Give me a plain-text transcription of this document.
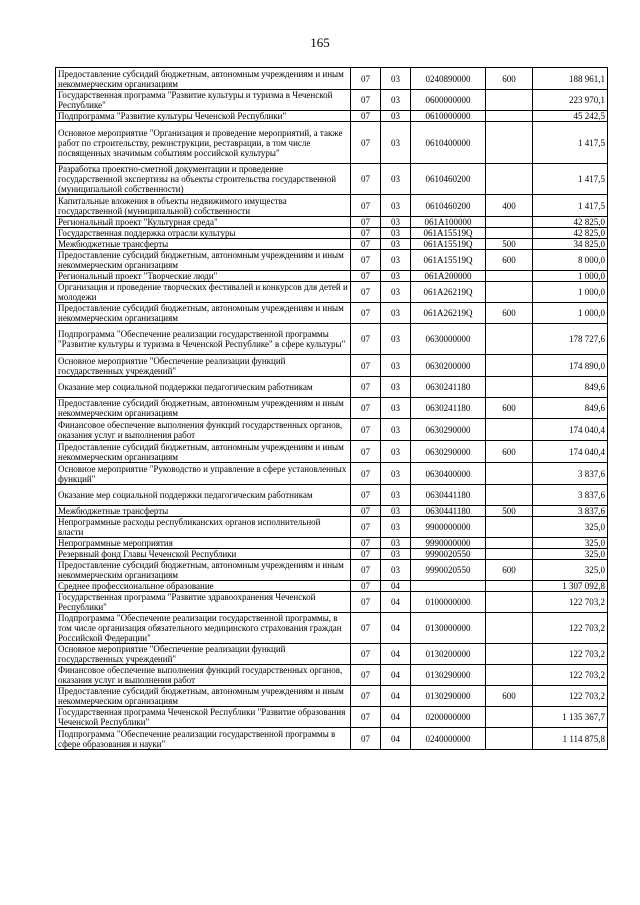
165
Предоставление субсидий бюджетным, автономным учреждениям и иным некоммерческим организациям	07	03	0240890000	600	188 961,1
Государственная программа "Развитие культуры и туризма в Чеченской Республике"	07	03	0600000000		223 970,1
Подпрограмма "Развитие культуры Чеченской Республики"	07	03	0610000000		45 242,5
Основное мероприятие "Организация и проведение мероприятий, а также работ по строительству, реконструкции, реставрации, в том числе посвященных значимым событиям российской культуры"	07	03	0610400000		1 417,5
Разработка проектно-сметной документации и проведение государственной экспертизы на объекты строительства государственной (муниципальной собственности)	07	03	0610460200		1 417,5
Капитальные вложения в объекты недвижимого имущества государственной (муниципальной) собственности	07	03	0610460200	400	1 417,5
Региональный проект "Культурная среда"	07	03	061A100000		42 825,0
Государственная поддержка отрасли культуры	07	03	061A15519Q		42 825,0
Межбюджетные трансферты	07	03	061A15519Q	500	34 825,0
Предоставление субсидий бюджетным, автономным учреждениям и иным некоммерческим организациям	07	03	061A15519Q	600	8 000,0
Региональный проект "Творческие люди"	07	03	061A200000		1 000,0
Организация и проведение творческих фестивалей и конкурсов для детей и молодежи	07	03	061A26219Q		1 000,0
Предоставление субсидий бюджетным, автономным учреждениям и иным некоммерческим организациям	07	03	061A26219Q	600	1 000,0
Подпрограмма "Обеспечение реализации государственной программы "Развитие культуры и туризма в Чеченской Республике" в сфере культуры"	07	03	0630000000		178 727,6
Основное мероприятие "Обеспечение реализации функций государственных учреждений"	07	03	0630200000		174 890,0
Оказание мер социальной поддержки педагогическим работникам	07	03	0630241180		849,6
Предоставление субсидий бюджетным, автономным учреждениям и иным некоммерческим организациям	07	03	0630241180	600	849,6
Финансовое обеспечение выполнения функций государственных органов, оказания услуг и выполнения работ	07	03	0630290000		174 040,4
Предоставление субсидий бюджетным, автономным учреждениям и иным некоммерческим организациям	07	03	0630290000	600	174 040,4
Основное мероприятие "Руководство и управление в сфере установленных функций"	07	03	0630400000		3 837,6
Оказание мер социальной поддержки педагогическим работникам	07	03	0630441180		3 837,6
Межбюджетные трансферты	07	03	0630441180	500	3 837,6
Непрограммные расходы республиканских органов исполнительной власти	07	03	9900000000		325,0
Непрограммные мероприятия	07	03	9990000000		325,0
Резервный фонд Главы Чеченской Республики	07	03	9990020550		325,0
Предоставление субсидий бюджетным, автономным учреждениям и иным некоммерческим организациям	07	03	9990020550	600	325,0
Среднее профессиональное образование	07	04			1 307 092,8
Государственная программа "Развитие здравоохранения Чеченской Республики"	07	04	0100000000		122 703,2
Подпрограмма "Обеспечение реализации государственной программы, в том числе организация обязательного медицинского страхования граждан Российской Федерации"	07	04	0130000000		122 703,2
Основное мероприятие "Обеспечение реализации функций государственных учреждений"	07	04	0130200000		122 703,2
Финансовое обеспечение выполнения функций государственных органов, оказания услуг и выполнения работ	07	04	0130290000		122 703,2
Предоставление субсидий бюджетным, автономным учреждениям и иным некоммерческим организациям	07	04	0130290000	600	122 703,2
Государственная программа Чеченской Республики "Развитие образования Чеченской Республики"	07	04	0200000000		1 135 367,7
Подпрограмма "Обеспечение реализации государственной программы в сфере образования и науки"	07	04	0240000000		1 114 875,8
